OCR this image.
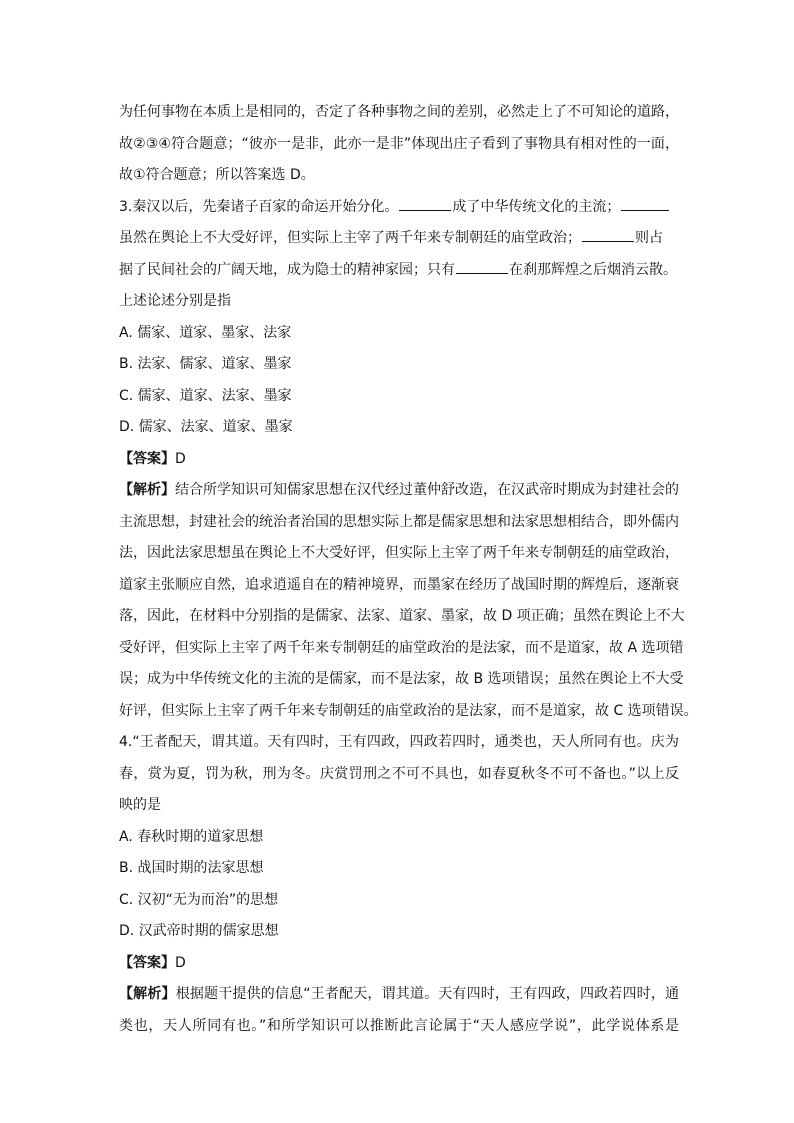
为任何事物在本质上是相同的，否定了各种事物之间的差别，必然走上了不可知论的道路，
故②③④符合题意；“彼亦一是非，此亦一是非”体现出庄子看到了事物具有相对性的一面，
故①符合题意；所以答案选 D。
3.秦汉以后，先秦诸子百家的命运开始分化。	成了中华传统文化的主流；
虽然在舆论上不大受好评，但实际上主宰了两千年来专制朝廷的庙堂政治；	则占
据了民间社会的广阔天地，成为隐士的精神家园；只有	在刹那辉煌之后烟消云散。
上述论述分别是指
A. 儒家、道家、墨家、法家
B. 法家、儒家、道家、墨家
C. 儒家、道家、法家、墨家
D. 儒家、法家、道家、墨家
【答案】D
【解析】结合所学知识可知儒家思想在汉代经过董仲舒改造，在汉武帝时期成为封建社会的
主流思想，封建社会的统治者治国的思想实际上都是儒家思想和法家思想相结合，即外儒内
法，因此法家思想虽在舆论上不大受好评，但实际上主宰了两千年来专制朝廷的庙堂政治，
道家主张顺应自然，追求逍遥自在的精神境界，而墨家在经历了战国时期的辉煌后，逐渐衰
落，因此，在材料中分别指的是儒家、法家、道家、墨家，故 D 项正确；虽然在舆论上不大
受好评，但实际上主宰了两千年来专制朝廷的庙堂政治的是法家，而不是道家，故 A 选项错
误；成为中华传统文化的主流的是儒家，而不是法家，故 B 选项错误；虽然在舆论上不大受
好评，但实际上主宰了两千年来专制朝廷的庙堂政治的是法家，而不是道家，故 C 选项错误。
4.“王者配天，谓其道。天有四时，王有四政，四政若四时，通类也，天人所同有也。庆为
春，赏为夏，罚为秋，刑为冬。庆赏罚刑之不可不具也，如春夏秋冬不可不备也。”以上反
映的是
A. 春秋时期的道家思想
B. 战国时期的法家思想
C. 汉初“无为而治”的思想
D. 汉武帝时期的儒家思想
【答案】D
【解析】根据题干提供的信息“王者配天，谓其道。天有四时，王有四政，四政若四时，通
类也，天人所同有也。”和所学知识可以推断此言论属于“天人感应学说”，此学说体系是
